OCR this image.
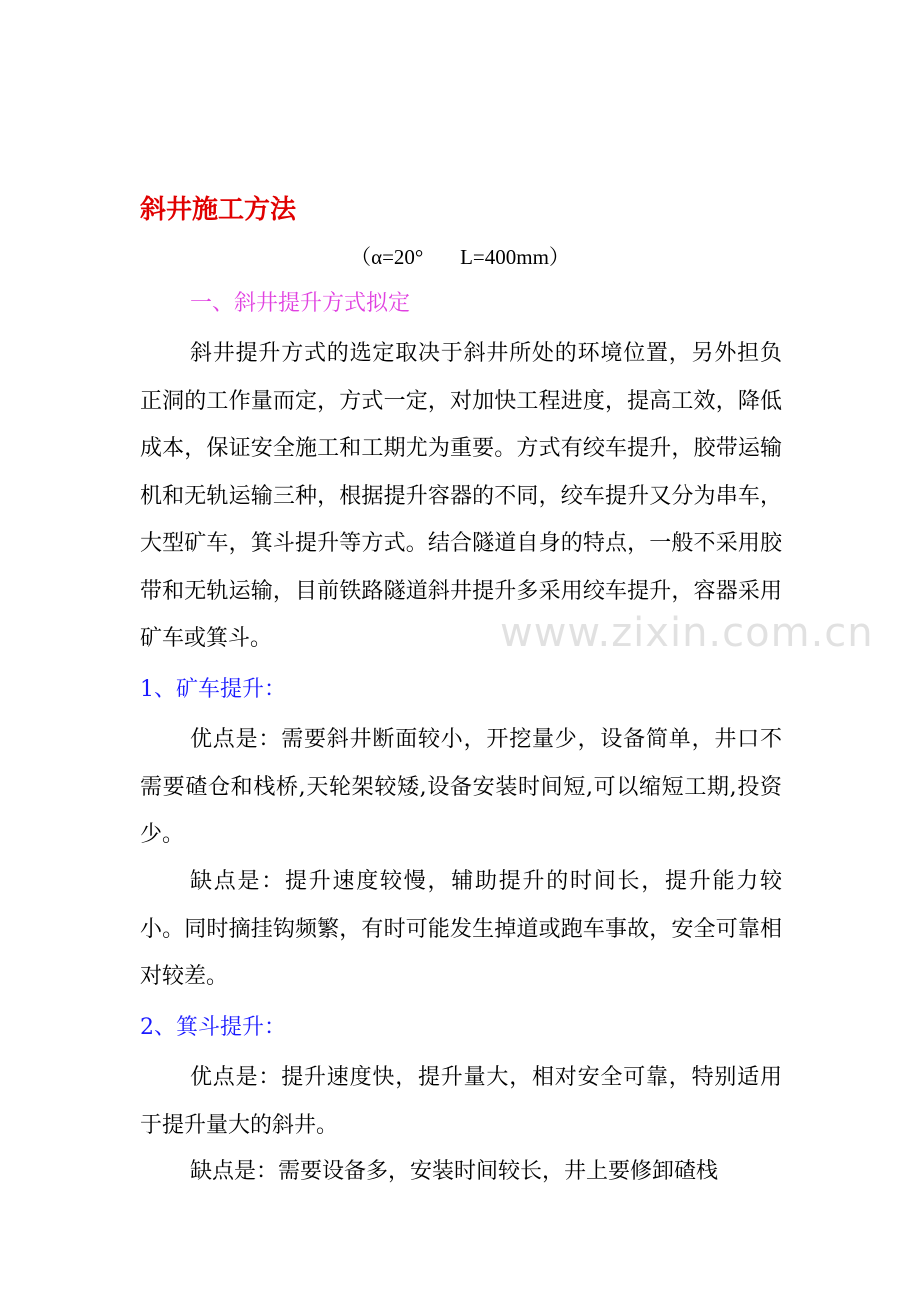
斜井施工方法
（α=20°       L=400mm）
一、斜井提升方式拟定

斜井提升方式的选定取决于斜井所处的环境位置，另外担负正洞的工作量而定，方式一定，对加快工程进度，提高工效，降低成本，保证安全施工和工期尤为重要。方式有绞车提升，胶带运输机和无轨运输三种，根据提升容器的不同，绞车提升又分为串车，大型矿车，箕斗提升等方式。结合隧道自身的特点，一般不采用胶带和无轨运输，目前铁路隧道斜井提升多采用绞车提升，容器采用矿车或箕斗。	www.zixin.com.cn
1、矿车提升：

优点是：需要斜井断面较小，开挖量少，设备简单，井口不需要碴仓和栈桥,天轮架较矮,设备安装时间短,可以缩短工期,投资少。

缺点是：提升速度较慢，辅助提升的时间长，提升能力较小。同时摘挂钩频繁，有时可能发生掉道或跑车事故，安全可靠相对较差。

2、箕斗提升：

优点是：提升速度快，提升量大，相对安全可靠，特别适用于提升量大的斜井。

缺点是：需要设备多，安装时间较长，井上要修卸碴栈
